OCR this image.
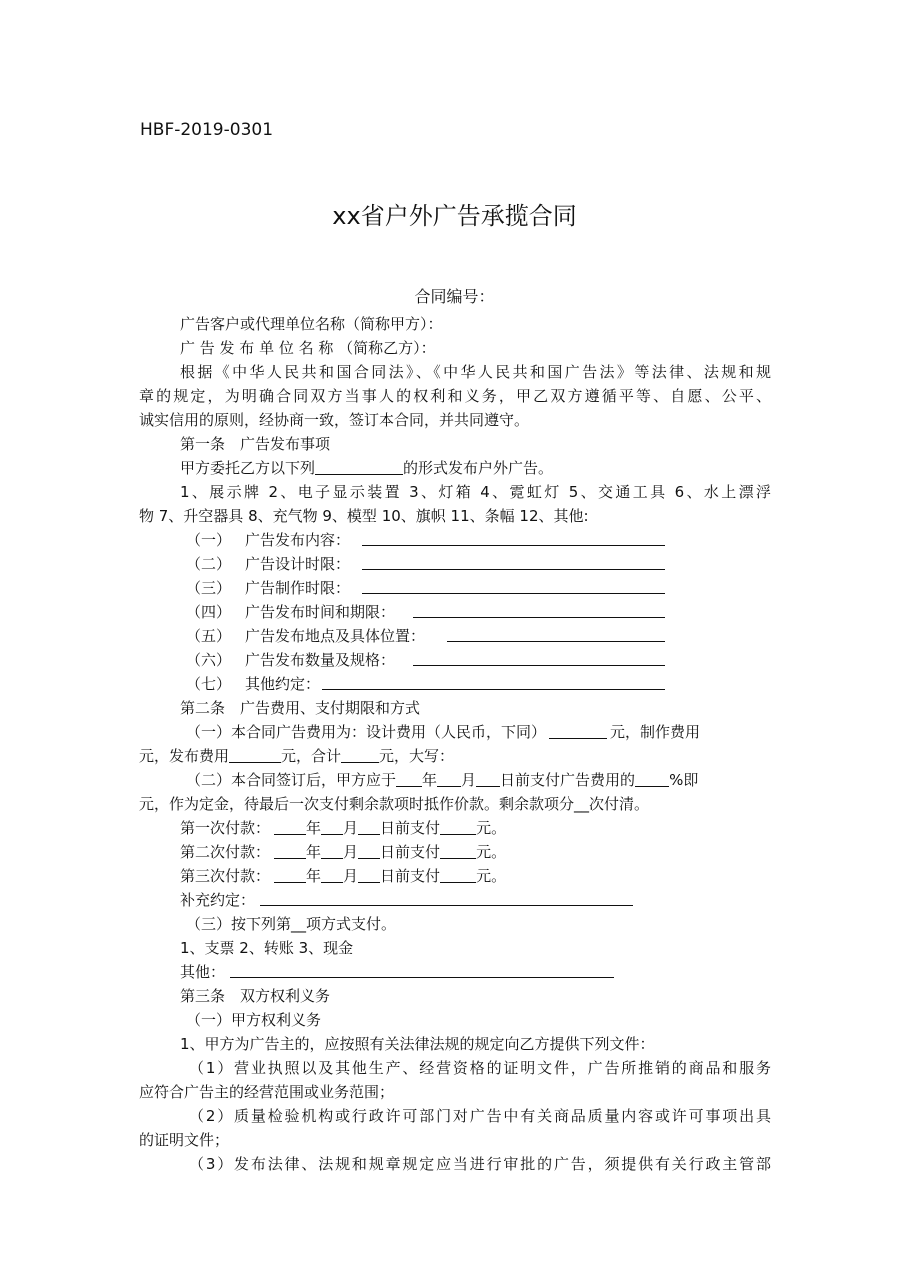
HBF-2019-0301
xx省户外广告承揽合同
合同编号：
广告客户或代理单位名称（简称甲方）：
广 告 发 布 单 位 名 称 （简称乙方）：
根据《中华人民共和国合同法》、《中华人民共和国广告法》等法律、法规和规
章的规定，为明确合同双方当事人的权利和义务，甲乙双方遵循平等、自愿、公平、
诚实信用的原则，经协商一致，签订本合同，并共同遵守。
第一条　广告发布事项
甲方委托乙方以下列	的形式发布户外广告。
1、展示牌 2、电子显示装置 3、灯箱 4、霓虹灯 5、交通工具 6、水上漂浮
物 7、升空器具 8、充气物 9、模型 10、旗帜 11、条幅 12、其他:
（一） 广告发布内容：
（二） 广告设计时限：
（三） 广告制作时限：
（四） 广告发布时间和期限：
（五） 广告发布地点及具体位置：
（六） 广告发布数量及规格：
（七） 其他约定：
第二条　广告费用、支付期限和方式
（一）本合同广告费用为：设计费用（人民币，下同）	元，制作费用
元，发布费用	元，合计	元，大写：
（二）本合同签订后，甲方应于 年 月 日前支付广告费用的 %即
元，作为定金，待最后一次支付剩余款项时抵作价款。剩余款项分__次付清。
第一次付款： 年 月 日前支付 元。
第二次付款： 年 月 日前支付 元。
第三次付款： 年 月 日前支付 元。
补充约定：
（三）按下列第__项方式支付。
1、支票 2、转账 3、现金
其他：
第三条　双方权利义务
（一）甲方权利义务
1、甲方为广告主的，应按照有关法律法规的规定向乙方提供下列文件：
（1）营业执照以及其他生产、经营资格的证明文件，广告所推销的商品和服务
应符合广告主的经营范围或业务范围；
（2）质量检验机构或行政许可部门对广告中有关商品质量内容或许可事项出具
的证明文件；
（3）发布法律、法规和规章规定应当进行审批的广告，须提供有关行政主管部
